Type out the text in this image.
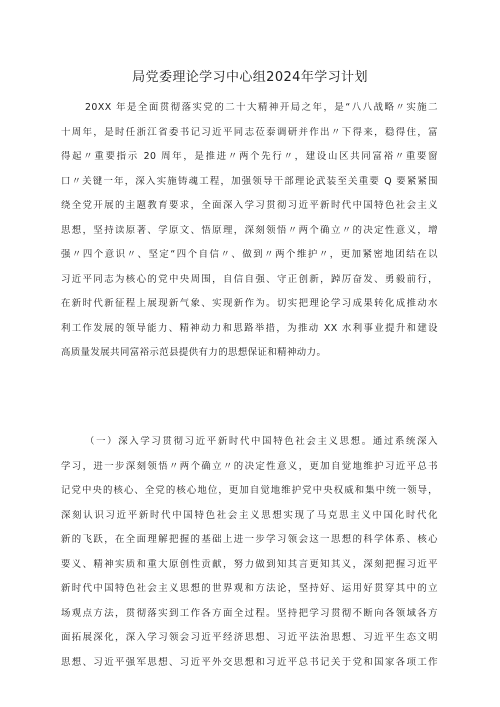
局党委理论学习中心组2024年学习计划
20XX 年是全面贯彻落实党的二十大精神开局之年，是“八八战略〃实施二
十周年，是时任浙江省委书记习近平同志莅泰调研并作出〃下得来，稳得住，富
得起〃重要指示 20 周年，是推进〃两个先行〃，建设山区共同富裕〃重要窗
口〃关键一年，深入实施铸魂工程，加强领导干部理论武装至关重要 Q 要紧紧围
绕全党开展的主题教育要求，全面深入学习贯彻习近平新时代中国特色社会主义
思想，坚持读原著、学原文、悟原理，深刻领悟〃两个确立〃的决定性意义，增
强〃四个意识〃、坚定“四个自信〃、做到〃两个维护〃，更加紧密地团结在以
习近平同志为核心的党中央周围，自信自强、守正创新，踔厉奋发、勇毅前行，
在新时代新征程上展现新气象、实现新作为。切实把理论学习成果转化成推动水
利工作发展的领导能力、精神动力和思路举措，为推动 XX 水利事业提升和建设
高质量发展共同富裕示范县提供有力的思想保证和精神动力。
（一）深入学习贯彻习近平新时代中国特色社会主义思想。通过系统深入
学习，进一步深刻领悟〃两个确立〃的决定性意义，更加自觉地维护习近平总书
记党中央的核心、全党的核心地位，更加自觉地维护党中央权威和集中统一领导，
深刻认识习近平新时代中国特色社会主义思想实现了马克思主义中国化时代化
新的飞跃，在全面理解把握的基础上进一步学习领会这一思想的科学体系、核心
要义、精神实质和重大原创性贡献，努力做到知其言更知其义，深刻把握习近平
新时代中国特色社会主义思想的世界观和方法论，坚持好、运用好贯穿其中的立
场观点方法，贯彻落实到工作各方面全过程。坚持把学习贯彻不断向各领域各方
面拓展深化，深入学习领会习近平经济思想、习近平法治思想、习近平生态文明
思想、习近平强军思想、习近平外交思想和习近平总书记关于党和国家各项工作
